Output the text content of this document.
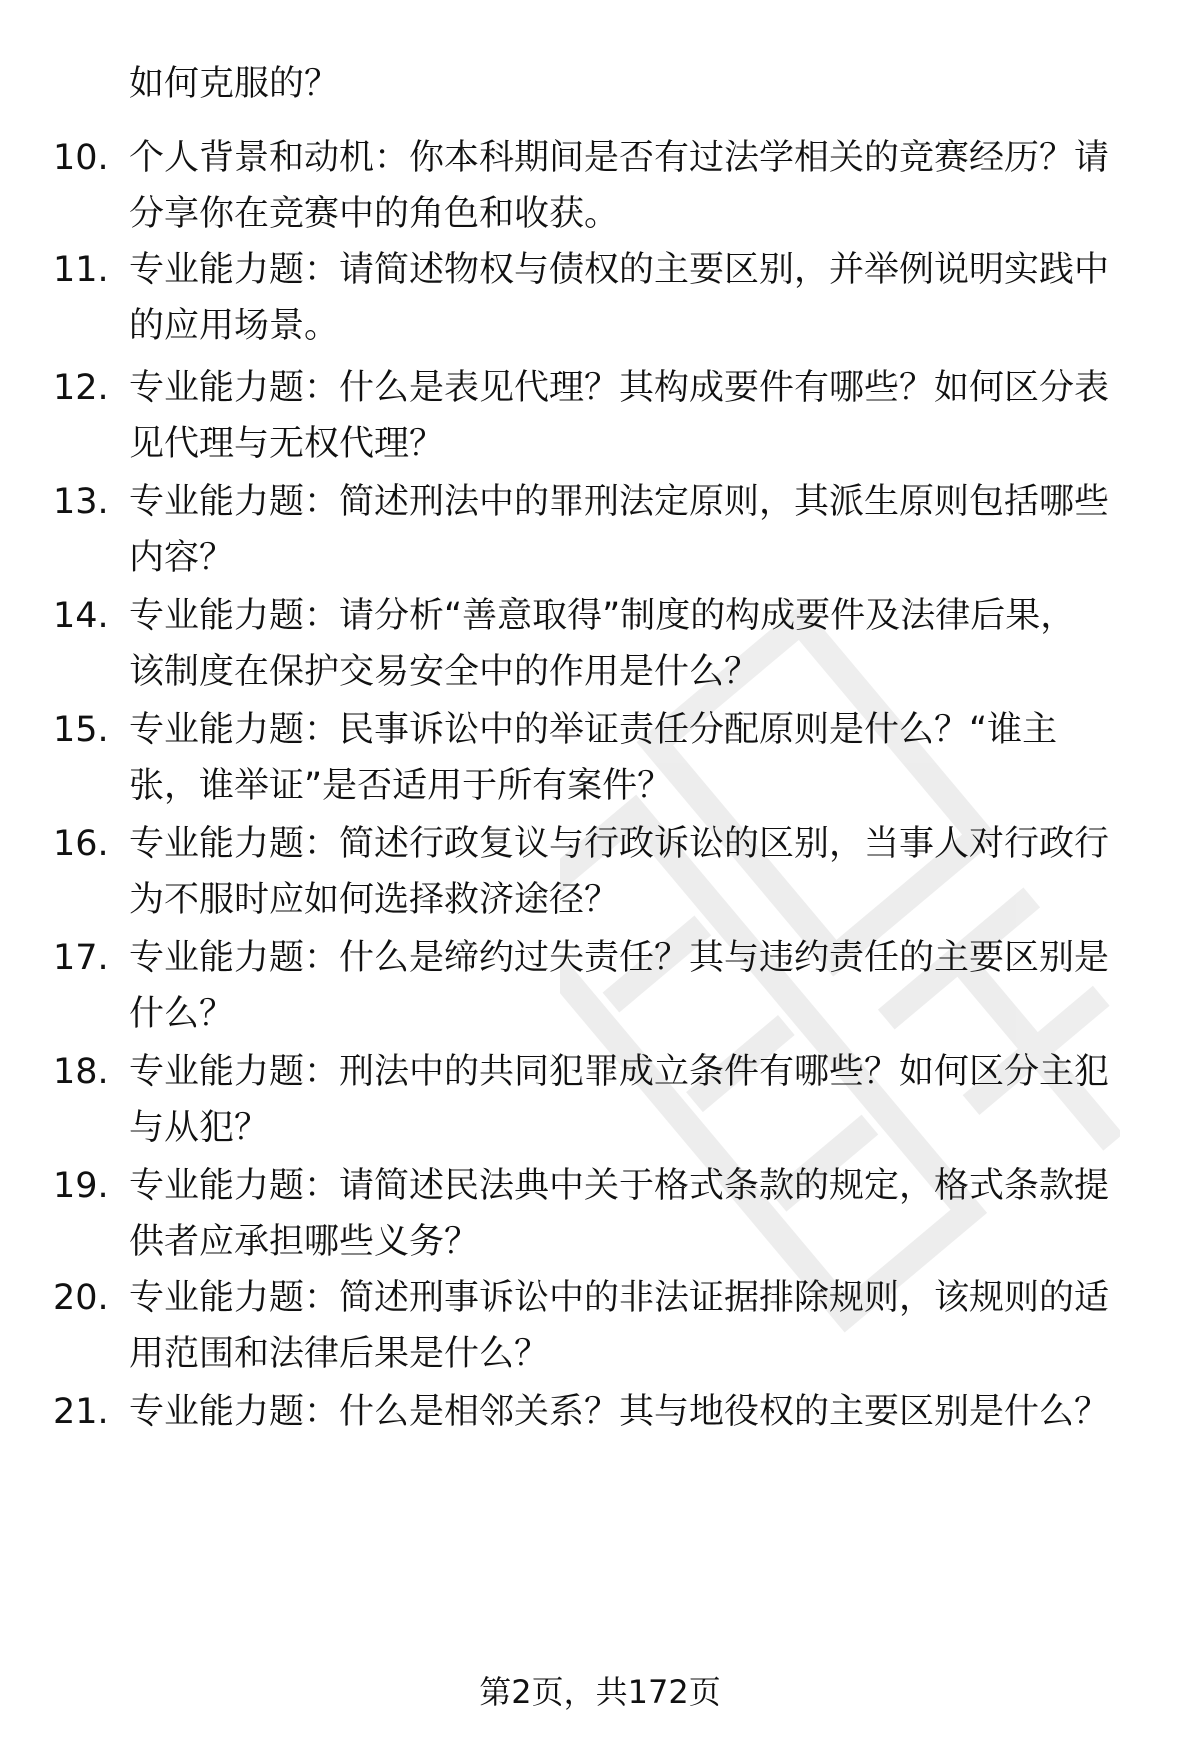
如何克服的？
10. 个人背景和动机：你本科期间是否有过法学相关的竞赛经历？请
分享你在竞赛中的角色和收获。
11. 专业能力题：请简述物权与债权的主要区别，并举例说明实践中
的应用场景。
12. 专业能力题：什么是表见代理？其构成要件有哪些？如何区分表
见代理与无权代理？
13. 专业能力题：简述刑法中的罪刑法定原则，其派生原则包括哪些
内容？
14. 专业能力题：请分析“善意取得”制度的构成要件及法律后果，
该制度在保护交易安全中的作用是什么？
15. 专业能力题：民事诉讼中的举证责任分配原则是什么？“谁主
张，谁举证”是否适用于所有案件？
16. 专业能力题：简述行政复议与行政诉讼的区别，当事人对行政行
为不服时应如何选择救济途径？
17. 专业能力题：什么是缔约过失责任？其与违约责任的主要区别是
什么？
18. 专业能力题：刑法中的共同犯罪成立条件有哪些？如何区分主犯
与从犯？
19. 专业能力题：请简述民法典中关于格式条款的规定，格式条款提
供者应承担哪些义务？
20. 专业能力题：简述刑事诉讼中的非法证据排除规则，该规则的适
用范围和法律后果是什么？
21. 专业能力题：什么是相邻关系？其与地役权的主要区别是什么？
第2页，共172页
